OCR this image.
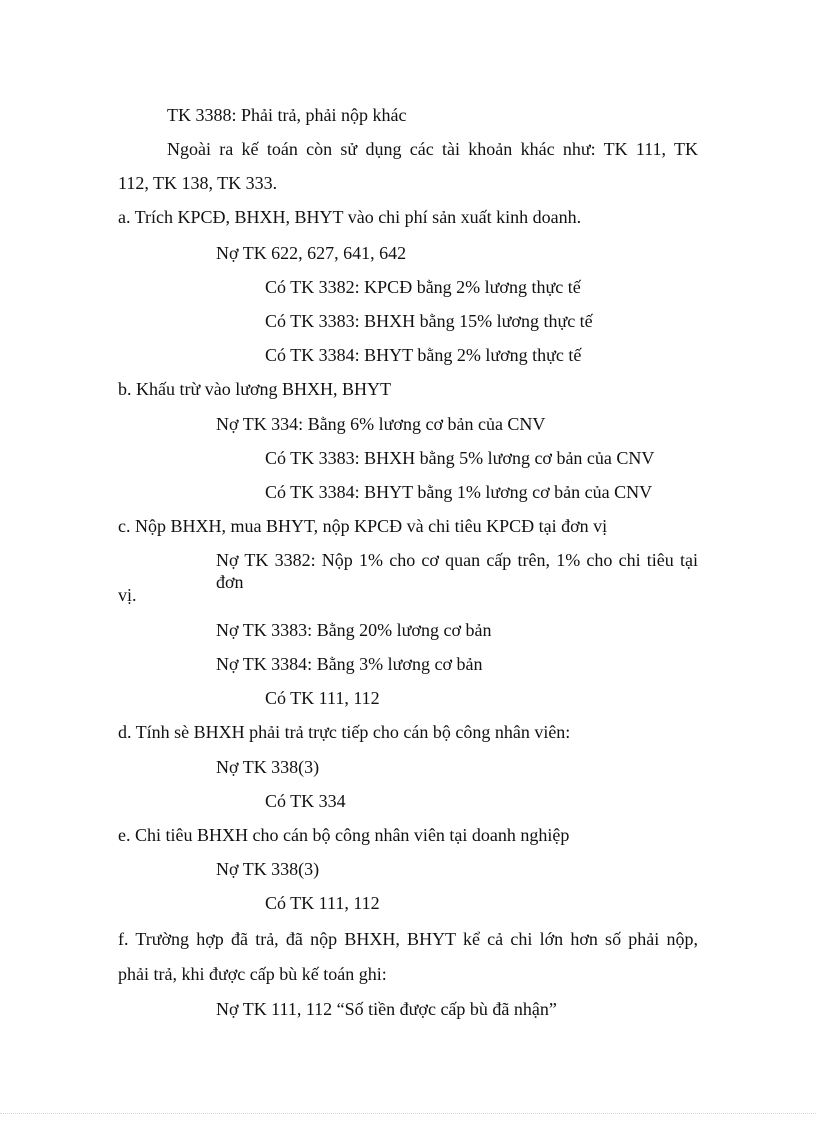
TK 3388: Phải trả, phải nộp khác
Ngoài ra kế toán còn sử dụng các tài khoản khác như: TK 111, TK
112, TK 138, TK 333.
a. Trích KPCĐ, BHXH, BHYT vào chi phí sản xuất kinh doanh.
Nợ TK 622, 627, 641, 642
Có TK 3382: KPCĐ bằng 2% lương thực tế
Có TK 3383: BHXH bằng 15% lương thực tế
Có TK 3384: BHYT bằng 2% lương thực tế
b. Khấu trừ vào lương BHXH, BHYT
Nợ TK 334: Bằng 6% lương cơ bản của CNV
Có TK 3383: BHXH bằng 5% lương cơ bản của CNV
Có TK 3384: BHYT bằng 1% lương cơ bản của CNV
c. Nộp BHXH, mua BHYT, nộp KPCĐ và chi tiêu KPCĐ tại đơn vị
Nợ TK 3382: Nộp 1% cho cơ quan cấp trên, 1% cho chi tiêu tại đơn
vị.
Nợ TK 3383: Bằng 20% lương cơ bản
Nợ TK 3384: Bằng 3% lương cơ bản
Có TK 111, 112
d. Tính sè BHXH phải trả trực tiếp cho cán bộ công nhân viên:
Nợ TK 338(3)
Có TK 334
e. Chi tiêu BHXH cho cán bộ công nhân viên tại doanh nghiệp
Nợ TK 338(3)
Có TK 111, 112
f. Trường hợp đã trả, đã nộp BHXH, BHYT kể cả chi lớn hơn số phải nộp,
phải trả, khi được cấp bù kế toán ghi:
Nợ TK 111, 112 “Số tiền được cấp bù đã nhận”
